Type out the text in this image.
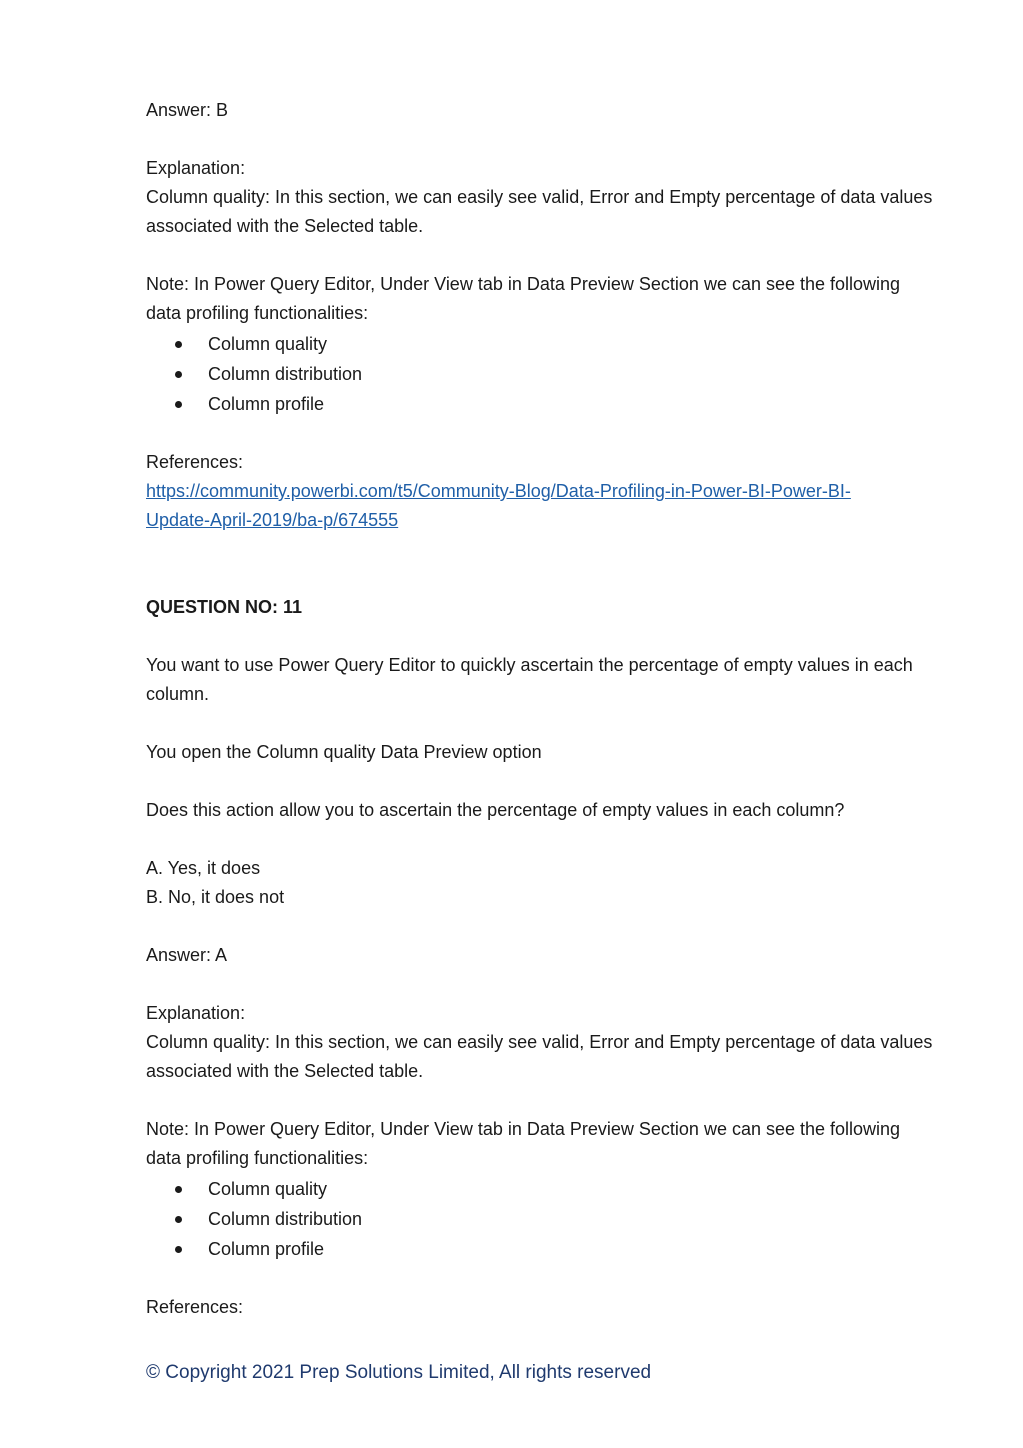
Answer: B

Explanation:

Column quality: In this section, we can easily see valid, Error and Empty percentage of data values

associated with the Selected table.

Note: In Power Query Editor, Under View tab in Data Preview Section we can see the following

data profiling functionalities:

Column quality
Column distribution
Column profile

References:

https://community.powerbi.com/t5/Community-Blog/Data-Profiling-in-Power-BI-Power-BI-

Update-April-2019/ba-p/674555

QUESTION NO: 11

You want to use Power Query Editor to quickly ascertain the percentage of empty values in each

column.

You open the Column quality Data Preview option

Does this action allow you to ascertain the percentage of empty values in each column?

A. Yes, it does

B. No, it does not

Answer: A

Explanation:

Column quality: In this section, we can easily see valid, Error and Empty percentage of data values

associated with the Selected table.

Note: In Power Query Editor, Under View tab in Data Preview Section we can see the following

data profiling functionalities:

Column quality
Column distribution
Column profile

References:

© Copyright 2021 Prep Solutions Limited, All rights reserved
